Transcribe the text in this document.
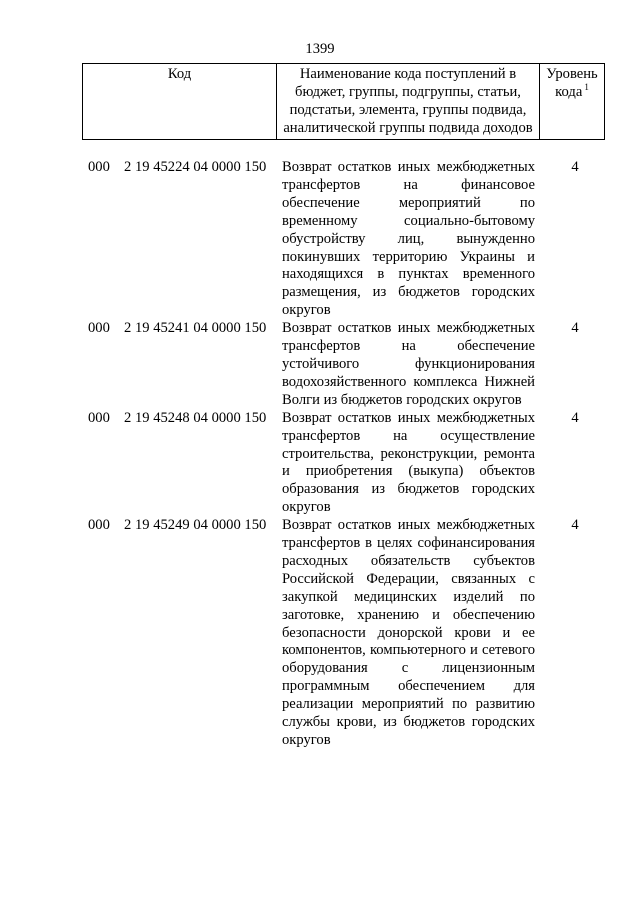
1399
Код	Наименование кода поступлений в бюджет, группы, подгруппы, статьи, подстатьи, элемента, группы подвида, аналитической группы подвида доходов
Уровень кода $^1$
000 2 19 45224 04 0000 150 Возврат остатков иных межбюджетных трансфертов на финансовое обеспечение мероприятий по временному социально-бытовому обустройству лиц, вынужденно покинувших территорию Украины и находящихся в пунктах временного размещения, из бюджетов городских округов
4
000 2 19 45241 04 0000 150 Возврат остатков иных межбюджетных трансфертов на обеспечение устойчивого функционирования водохозяйственного комплекса Нижней Волги из бюджетов городских округов
4
000 2 19 45248 04 0000 150 Возврат остатков иных межбюджетных трансфертов на осуществление строительства, реконструкции, ремонта и приобретения (выкупа) объектов образования из бюджетов городских округов
4
000 2 19 45249 04 0000 150 Возврат остатков иных межбюджетных трансфертов в целях софинансирования расходных обязательств субъектов Российской Федерации, связанных с закупкой медицинских изделий по заготовке, хранению и обеспечению безопасности донорской крови и ее компонентов, компьютерного и сетевого оборудования с лицензионным программным обеспечением для реализации мероприятий по развитию службы крови, из бюджетов городских округов
4
